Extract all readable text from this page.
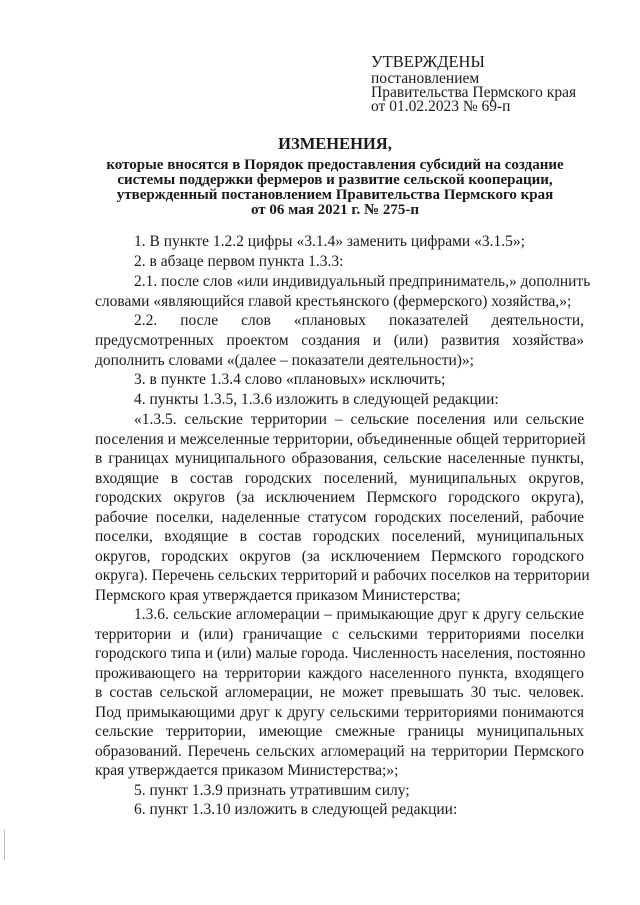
УТВЕРЖДЕНЫ
постановлением
Правительства Пермского края
от 01.02.2023 № 69-п
ИЗМЕНЕНИЯ,
которые вносятся в Порядок предоставления субсидий на создание
системы поддержки фермеров и развитие сельской кооперации,
утвержденный постановлением Правительства Пермского края
от 06 мая 2021 г. № 275-п
1. В пункте 1.2.2 цифры «3.1.4» заменить цифрами «3.1.5»;
2. в абзаце первом пункта 1.3.3:
2.1. после слов «или индивидуальный предприниматель,» дополнить
словами «являющийся главой крестьянского (фермерского) хозяйства,»;
2.2. после слов «плановых показателей деятельности,
предусмотренных проектом создания и (или) развития хозяйства»
дополнить словами «(далее – показатели деятельности)»;
3. в пункте 1.3.4 слово «плановых» исключить;
4. пункты 1.3.5, 1.3.6 изложить в следующей редакции:
«1.3.5. сельские территории – сельские поселения или сельские
поселения и межселенные территории, объединенные общей территорией
в границах муниципального образования, сельские населенные пункты,
входящие в состав городских поселений, муниципальных округов,
городских округов (за исключением Пермского городского округа),
рабочие поселки, наделенные статусом городских поселений, рабочие
поселки, входящие в состав городских поселений, муниципальных
округов, городских округов (за исключением Пермского городского
округа). Перечень сельских территорий и рабочих поселков на территории
Пермского края утверждается приказом Министерства;
1.3.6. сельские агломерации – примыкающие друг к другу сельские
территории и (или) граничащие с сельскими территориями поселки
городского типа и (или) малые города. Численность населения, постоянно
проживающего на территории каждого населенного пункта, входящего
в состав сельской агломерации, не может превышать 30 тыс. человек.
Под примыкающими друг к другу сельскими территориями понимаются
сельские территории, имеющие смежные границы муниципальных
образований. Перечень сельских агломераций на территории Пермского
края утверждается приказом Министерства;»;
5. пункт 1.3.9 признать утратившим силу;
6. пункт 1.3.10 изложить в следующей редакции:
